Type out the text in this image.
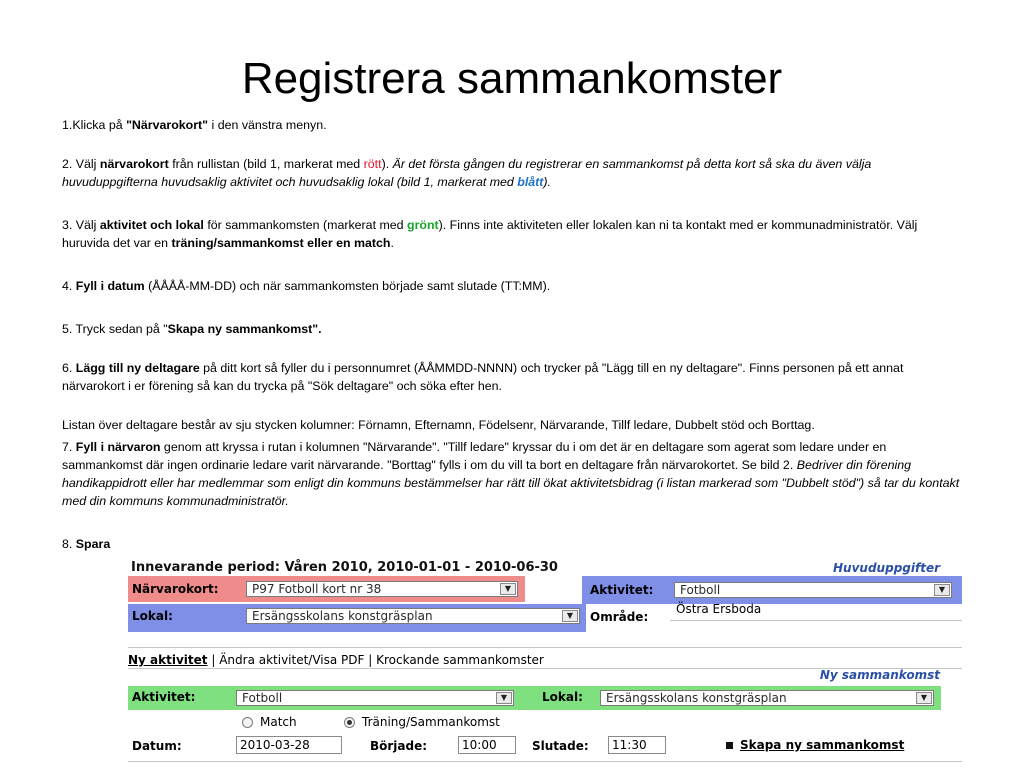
Registrera sammankomster
1.Klicka på "Närvarokort" i den vänstra menyn.
2. Välj närvarokort från rullistan (bild 1, markerat med rött). Är det första gången du registrerar en sammankomst på detta kort så ska du även välja huvuduppgifterna huvudsaklig aktivitet och huvudsaklig lokal (bild 1, markerat med blått).
3. Välj aktivitet och lokal för sammankomsten (markerat med grönt). Finns inte aktiviteten eller lokalen kan ni ta kontakt med er kommunadministratör. Välj huruvida det var en träning/sammankomst eller en match.
4. Fyll i datum (ÅÅÅÅ-MM-DD) och när sammankomsten började samt slutade (TT:MM).
5. Tryck sedan på "Skapa ny sammankomst".
6. Lägg till ny deltagare på ditt kort så fyller du i personnumret (ÅÅMMDD-NNNN) och trycker på "Lägg till en ny deltagare". Finns personen på ett annat närvarokort i er förening så kan du trycka på "Sök deltagare" och söka efter hen.
Listan över deltagare består av sju stycken kolumner: Förnamn, Efternamn, Födelsenr, Närvarande, Tillf ledare, Dubbelt stöd och Borttag.
7. Fyll i närvaron genom att kryssa i rutan i kolumnen "Närvarande". "Tillf ledare" kryssar du i om det är en deltagare som agerat som ledare under en sammankomst där ingen ordinarie ledare varit närvarande. "Borttag" fylls i om du vill ta bort en deltagare från närvarokortet. Se bild 2. Bedriver din förening handikappidrott eller har medlemmar som enligt din kommuns bestämmelser har rätt till ökat aktivitetsbidrag (i listan markerad som "Dubbelt stöd") så tar du kontakt med din kommuns kommunadministratör.
8. Spara
Innevarande period: Våren 2010, 2010-01-01 - 2010-06-30	Huvuduppgifter
Närvarokort:	P97 Fotboll kort nr 38	▼	Aktivitet:	Fotboll	▼
Lokal:	Ersängsskolans konstgräsplan	▼	Område:
Östra Ersboda
Ny aktivitet | Ändra aktivitet/Visa PDF | Krockande sammankomster
Ny sammankomst
Aktivitet:	Fotboll	▼	Lokal:	Ersängsskolans konstgräsplan	▼
Match	Träning/Sammankomst
Datum:	2010-03-28	Började:	10:00	Slutade:	11:30	Skapa ny sammankomst
